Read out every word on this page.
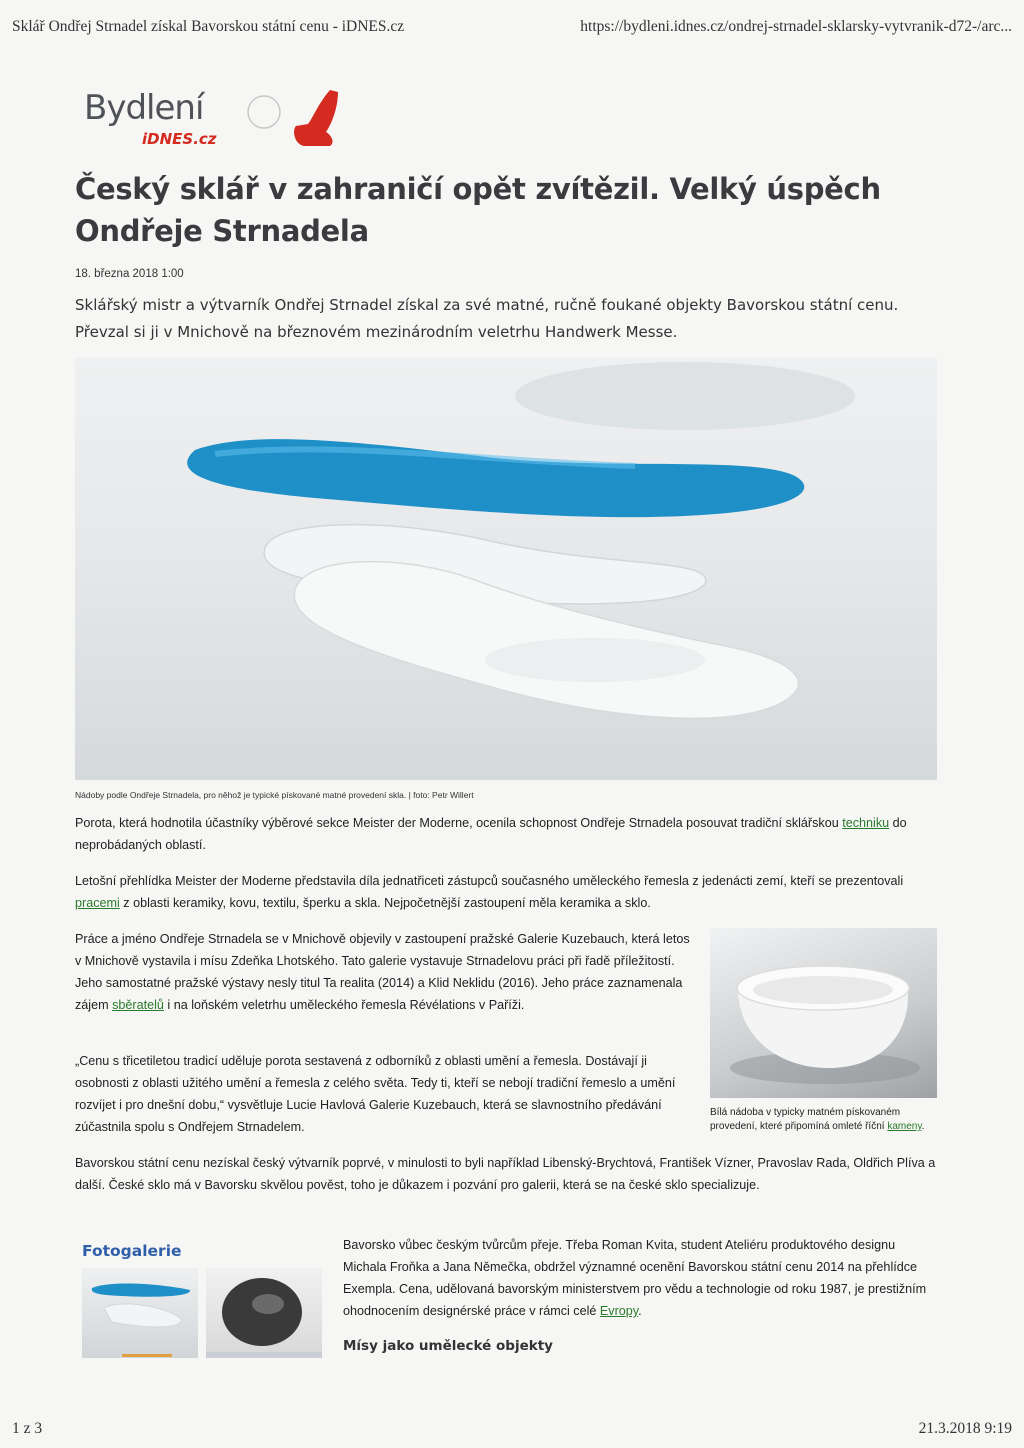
Sklář Ondřej Strnadel získal Bavorskou státní cenu - iDNES.cz	https://bydleni.idnes.cz/ondrej-strnadel-sklarsky-vytvranik-d72-/arc...
Bydlení
iDNES.cz
Český sklář v zahraničí opět zvítězil. Velký úspěch Ondřeje Strnadela
18. března 2018 1:00
Sklářský mistr a výtvarník Ondřej Strnadel získal za své matné, ručně foukané objekty Bavorskou státní cenu. Převzal si ji v Mnichově na březnovém mezinárodním veletrhu Handwerk Messe.
Nádoby podle Ondřeje Strnadela, pro něhož je typické pískované matné provedení skla. | foto: Petr Willert
Porota, která hodnotila účastníky výběrové sekce Meister der Moderne, ocenila schopnost Ondřeje Strnadela posouvat tradiční sklářskou techniku do neprobádaných oblastí.
Letošní přehlídka Meister der Moderne představila díla jednatřiceti zástupců současného uměleckého řemesla z jedenácti zemí, kteří se prezentovali pracemi z oblasti keramiky, kovu, textilu, šperku a skla. Nejpočetnější zastoupení měla keramika a sklo.
Práce a jméno Ondřeje Strnadela se v Mnichově objevily v zastoupení pražské Galerie Kuzebauch, která letos v Mnichově vystavila i mísu Zdeňka Lhotského. Tato galerie vystavuje Strnadelovu práci při řadě příležitostí. Jeho samostatné pražské výstavy nesly titul Ta realita (2014) a Klid Neklidu (2016). Jeho práce zaznamenala zájem sběratelů i na loňském veletrhu uměleckého řemesla Révélations v Paříži.
„Cenu s třicetiletou tradicí uděluje porota sestavená z odborníků z oblasti umění a řemesla. Dostávají ji osobnosti z oblasti užitého umění a řemesla z celého světa. Tedy ti, kteří se nebojí tradiční řemeslo a umění rozvíjet i pro dnešní dobu,“ vysvětluje Lucie Havlová Galerie Kuzebauch, která se slavnostního předávání zúčastnila spolu s Ondřejem Strnadelem.
Bílá nádoba v typicky matném pískovaném provedení, které připomíná omleté říční kameny.
Bavorskou státní cenu nezískal český výtvarník poprvé, v minulosti to byli například Libenský-Brychtová, František Vízner, Pravoslav Rada, Oldřich Plíva a další. České sklo má v Bavorsku skvělou pověst, toho je důkazem i pozvání pro galerii, která se na české sklo specializuje.
Fotogalerie	Bavorsko vůbec českým tvůrcům přeje. Třeba Roman Kvita, student Ateliéru produktového designu Michala Froňka a Jana Němečka, obdržel významné ocenění Bavorskou státní cenu 2014 na přehlídce Exempla. Cena, udělovaná bavorským ministerstvem pro vědu a technologie od roku 1987, je prestižním ohodnocením designérské práce v rámci celé Evropy.
Mísy jako umělecké objekty
1 z 3	21.3.2018 9:19
